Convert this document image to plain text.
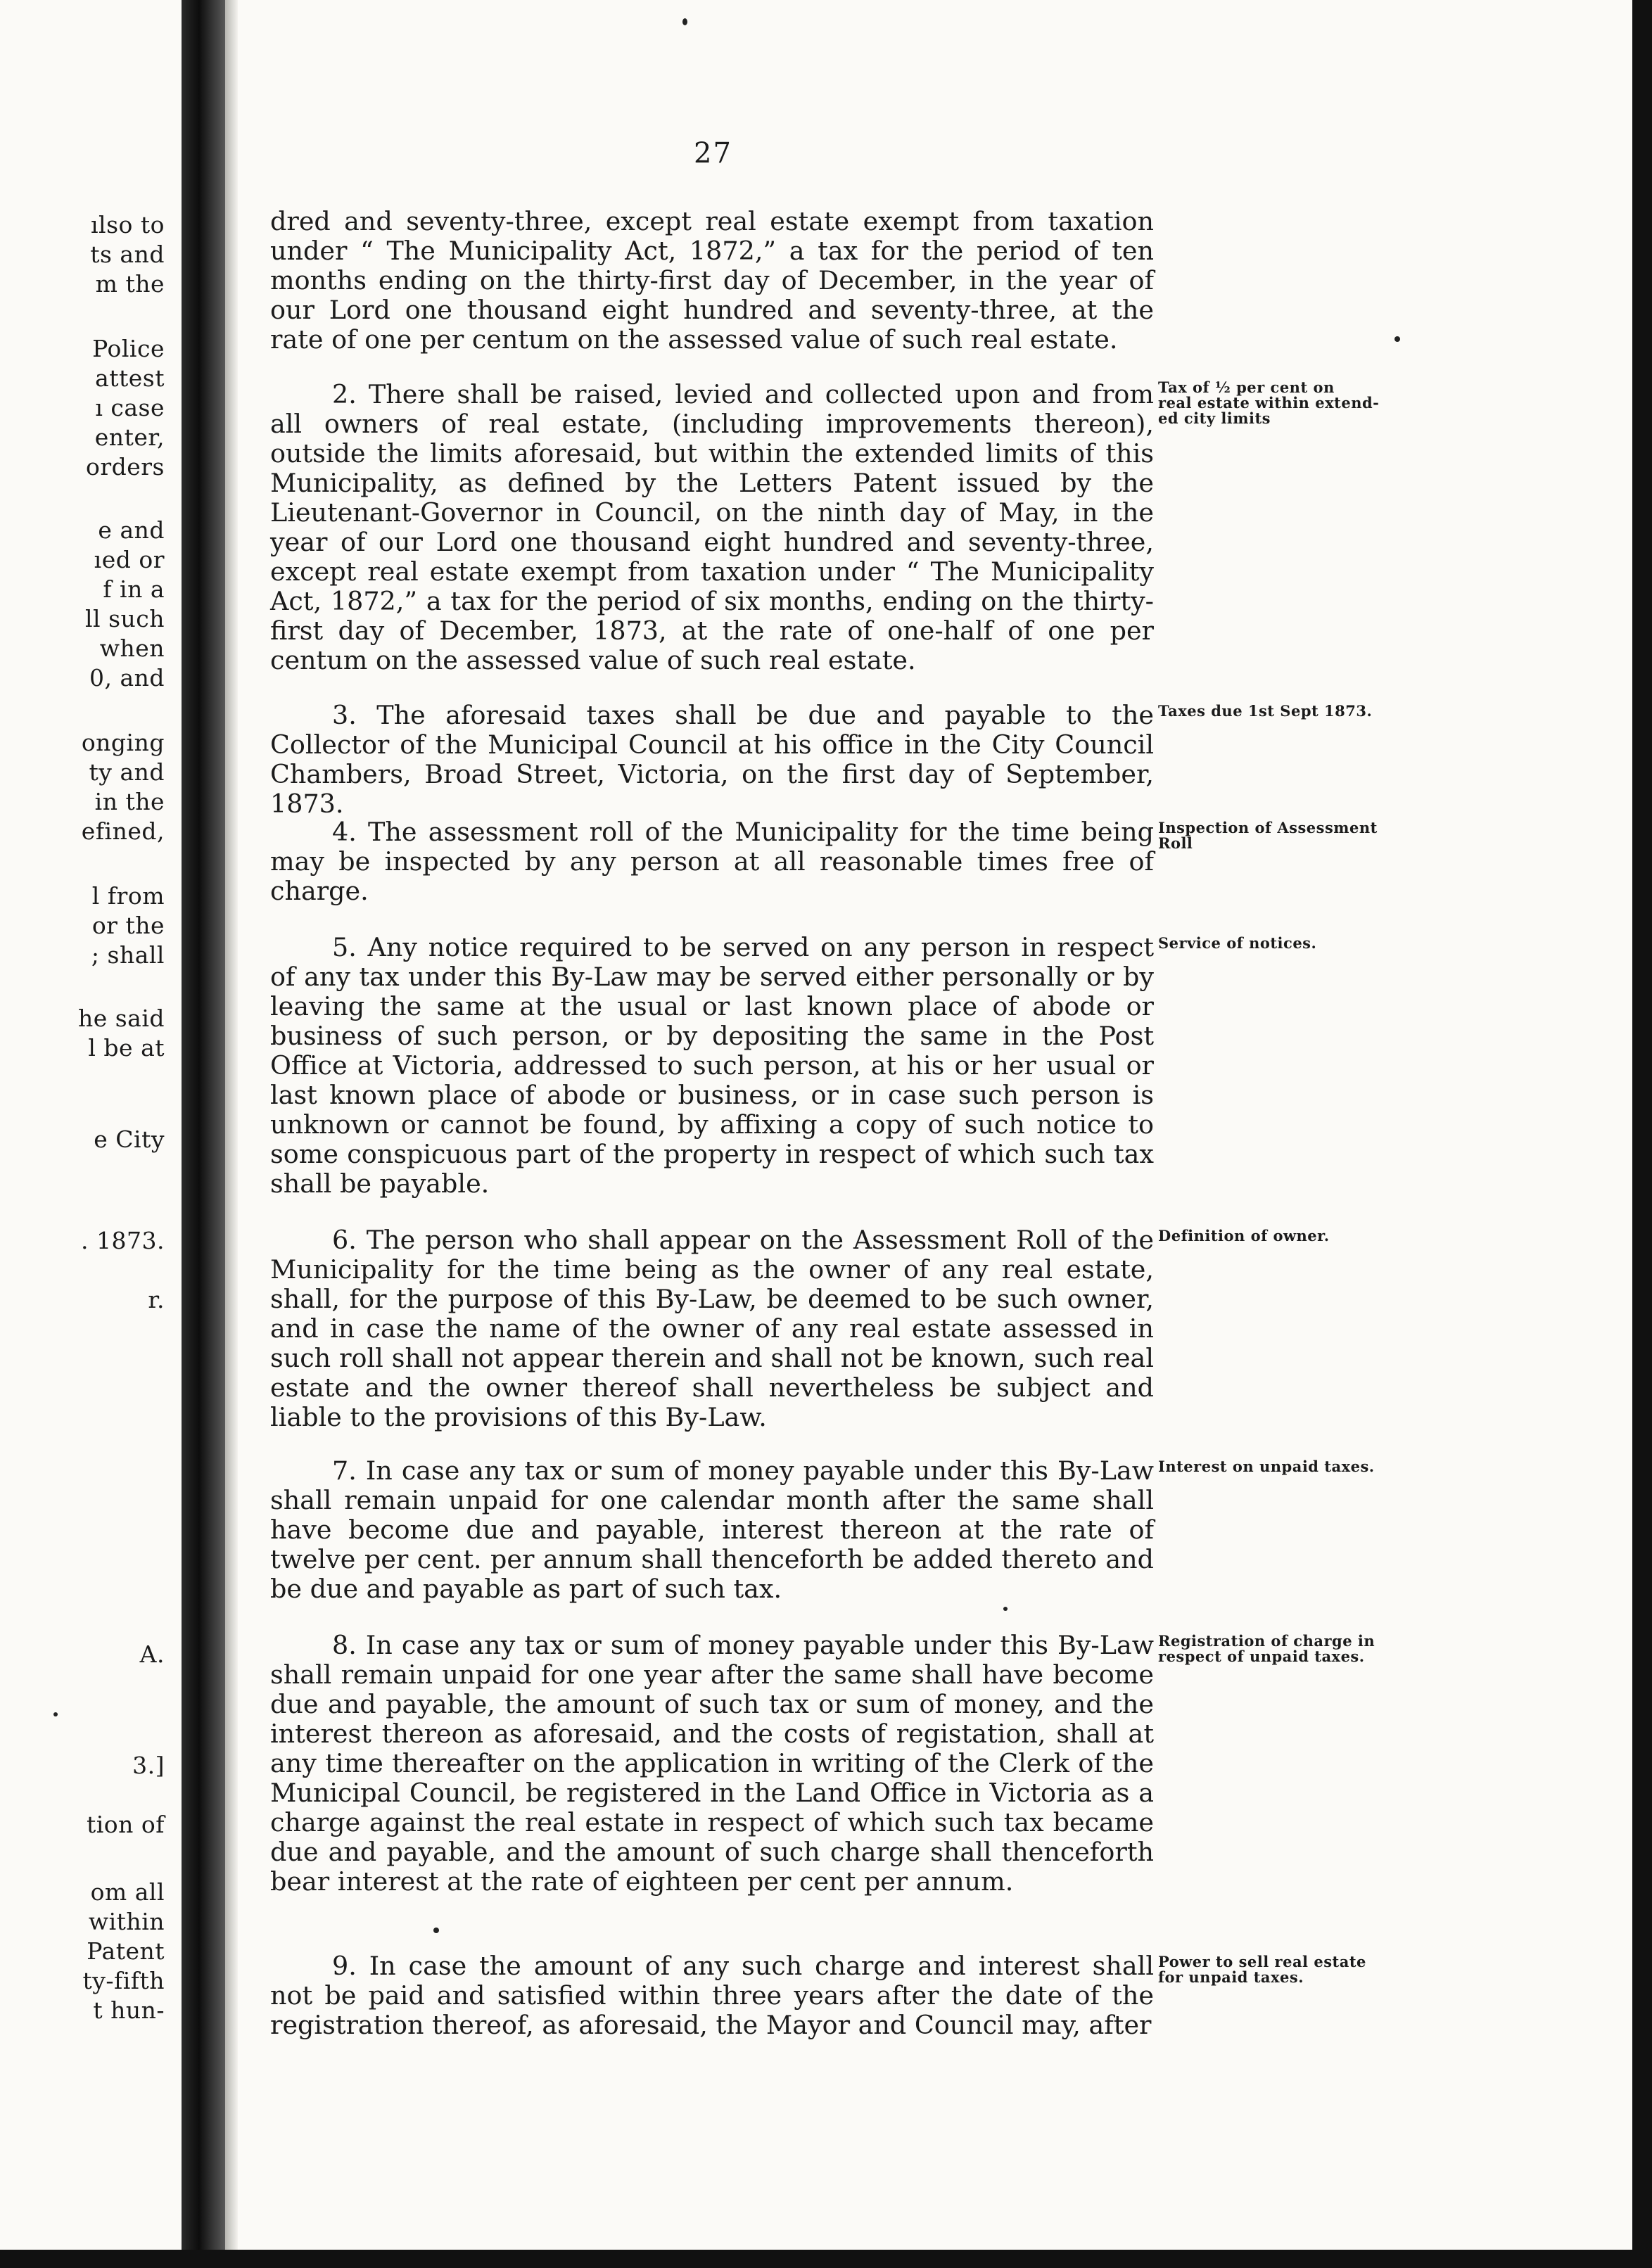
ılso to
ts and
m the
Police
attest
ı case
enter,
orders
e and
ıed or
f in a
ll such
when
0, and
onging
ty and
in the
efined,
l from
or the
; shall
he said
l be at
e City
. 1873.
r.
A.
3.]
tion of
om all
within
Patent
ty-fifth
t hun-
27

dred and seventy-three, except real estate exempt from taxation under “ The Municipality Act, 1872,” a tax for the period of ten months ending on the thirty-first day of December, in the year of our Lord one thousand eight hundred and seventy-three, at the rate of one per centum on the assessed value of such real estate.

2. There shall be raised, levied and collected upon and from all owners of real estate, (including improvements thereon), outside the limits aforesaid, but within the extended limits of this Municipality, as defined by the Letters Patent issued by the Lieutenant-Governor in Council, on the ninth day of May, in the year of our Lord one thousand eight hundred and seventy-three, except real estate exempt from taxation under “ The Municipality Act, 1872,” a tax for the period of six months, ending on the thirty-first day of December, 1873, at the rate of one-half of one per centum on the assessed value of such real estate.

3. The aforesaid taxes shall be due and payable to the Collector of the Municipal Council at his office in the City Council Chambers, Broad Street, Victoria, on the first day of September, 1873.

4. The assessment roll of the Municipality for the time being may be inspected by any person at all reasonable times free of charge.

5. Any notice required to be served on any person in respect of any tax under this By-Law may be served either personally or by leaving the same at the usual or last known place of abode or business of such person, or by depositing the same in the Post Office at Victoria, addressed to such person, at his or her usual or last known place of abode or business, or in case such person is unknown or cannot be found, by affixing a copy of such notice to some conspicuous part of the property in respect of which such tax shall be payable.

6. The person who shall appear on the Assessment Roll of the Municipality for the time being as the owner of any real estate, shall, for the purpose of this By-Law, be deemed to be such owner, and in case the name of the owner of any real estate assessed in such roll shall not appear therein and shall not be known, such real estate and the owner thereof shall nevertheless be subject and liable to the provisions of this By-Law.

7. In case any tax or sum of money payable under this By-Law shall remain unpaid for one calendar month after the same shall have become due and payable, interest thereon at the rate of twelve per cent. per annum shall thenceforth be added thereto and be due and payable as part of such tax.

8. In case any tax or sum of money payable under this By-Law shall remain unpaid for one year after the same shall have become due and payable, the amount of such tax or sum of money, and the interest thereon as aforesaid, and the costs of registation, shall at any time thereafter on the application in writing of the Clerk of the Municipal Council, be registered in the Land Office in Victoria as a charge against the real estate in respect of which such tax became due and payable, and the amount of such charge shall thenceforth bear interest at the rate of eighteen per cent per annum.

9. In case the amount of any such charge and interest shall not be paid and satisfied within three years after the date of the registration thereof, as aforesaid, the Mayor and Council may, after

Tax of ½ per cent on
real estate within extend-
ed city limits
Taxes due 1st Sept 1873.
Inspection of Assessment
Roll
Service of notices.
Definition of owner.
Interest on unpaid taxes.
Registration of charge in
respect of unpaid taxes.
Power to sell real estate
for unpaid taxes.
